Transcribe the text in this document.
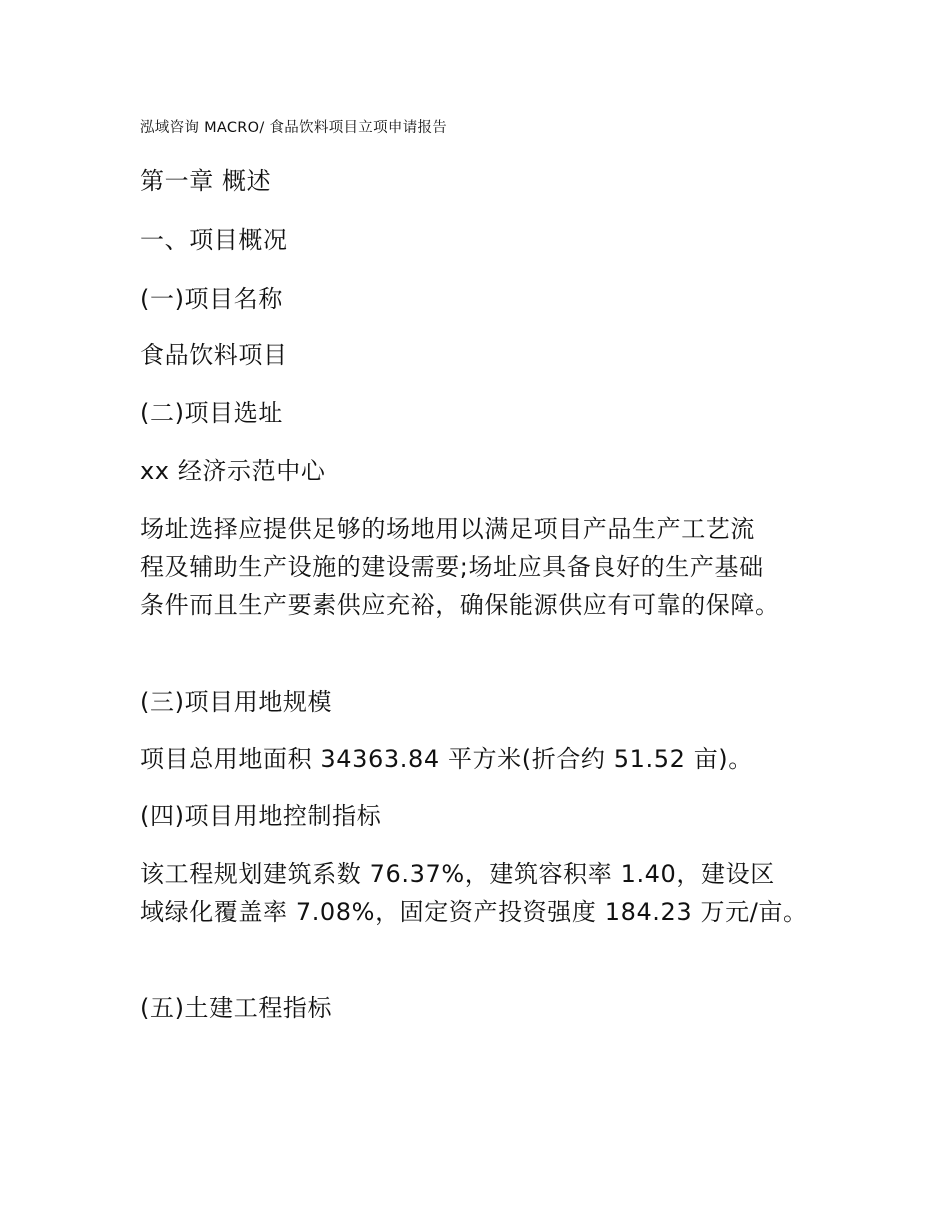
泓域咨询 MACRO/ 食品饮料项目立项申请报告
第一章 概述
一、项目概况
(一)项目名称
食品饮料项目
(二)项目选址
xx 经济示范中心
场址选择应提供足够的场地用以满足项目产品生产工艺流
程及辅助生产设施的建设需要;场址应具备良好的生产基础
条件而且生产要素供应充裕，确保能源供应有可靠的保障。
(三)项目用地规模
项目总用地面积 34363.84 平方米(折合约 51.52 亩)。
(四)项目用地控制指标
该工程规划建筑系数 76.37%，建筑容积率 1.40，建设区
域绿化覆盖率 7.08%，固定资产投资强度 184.23 万元/亩。
(五)土建工程指标
